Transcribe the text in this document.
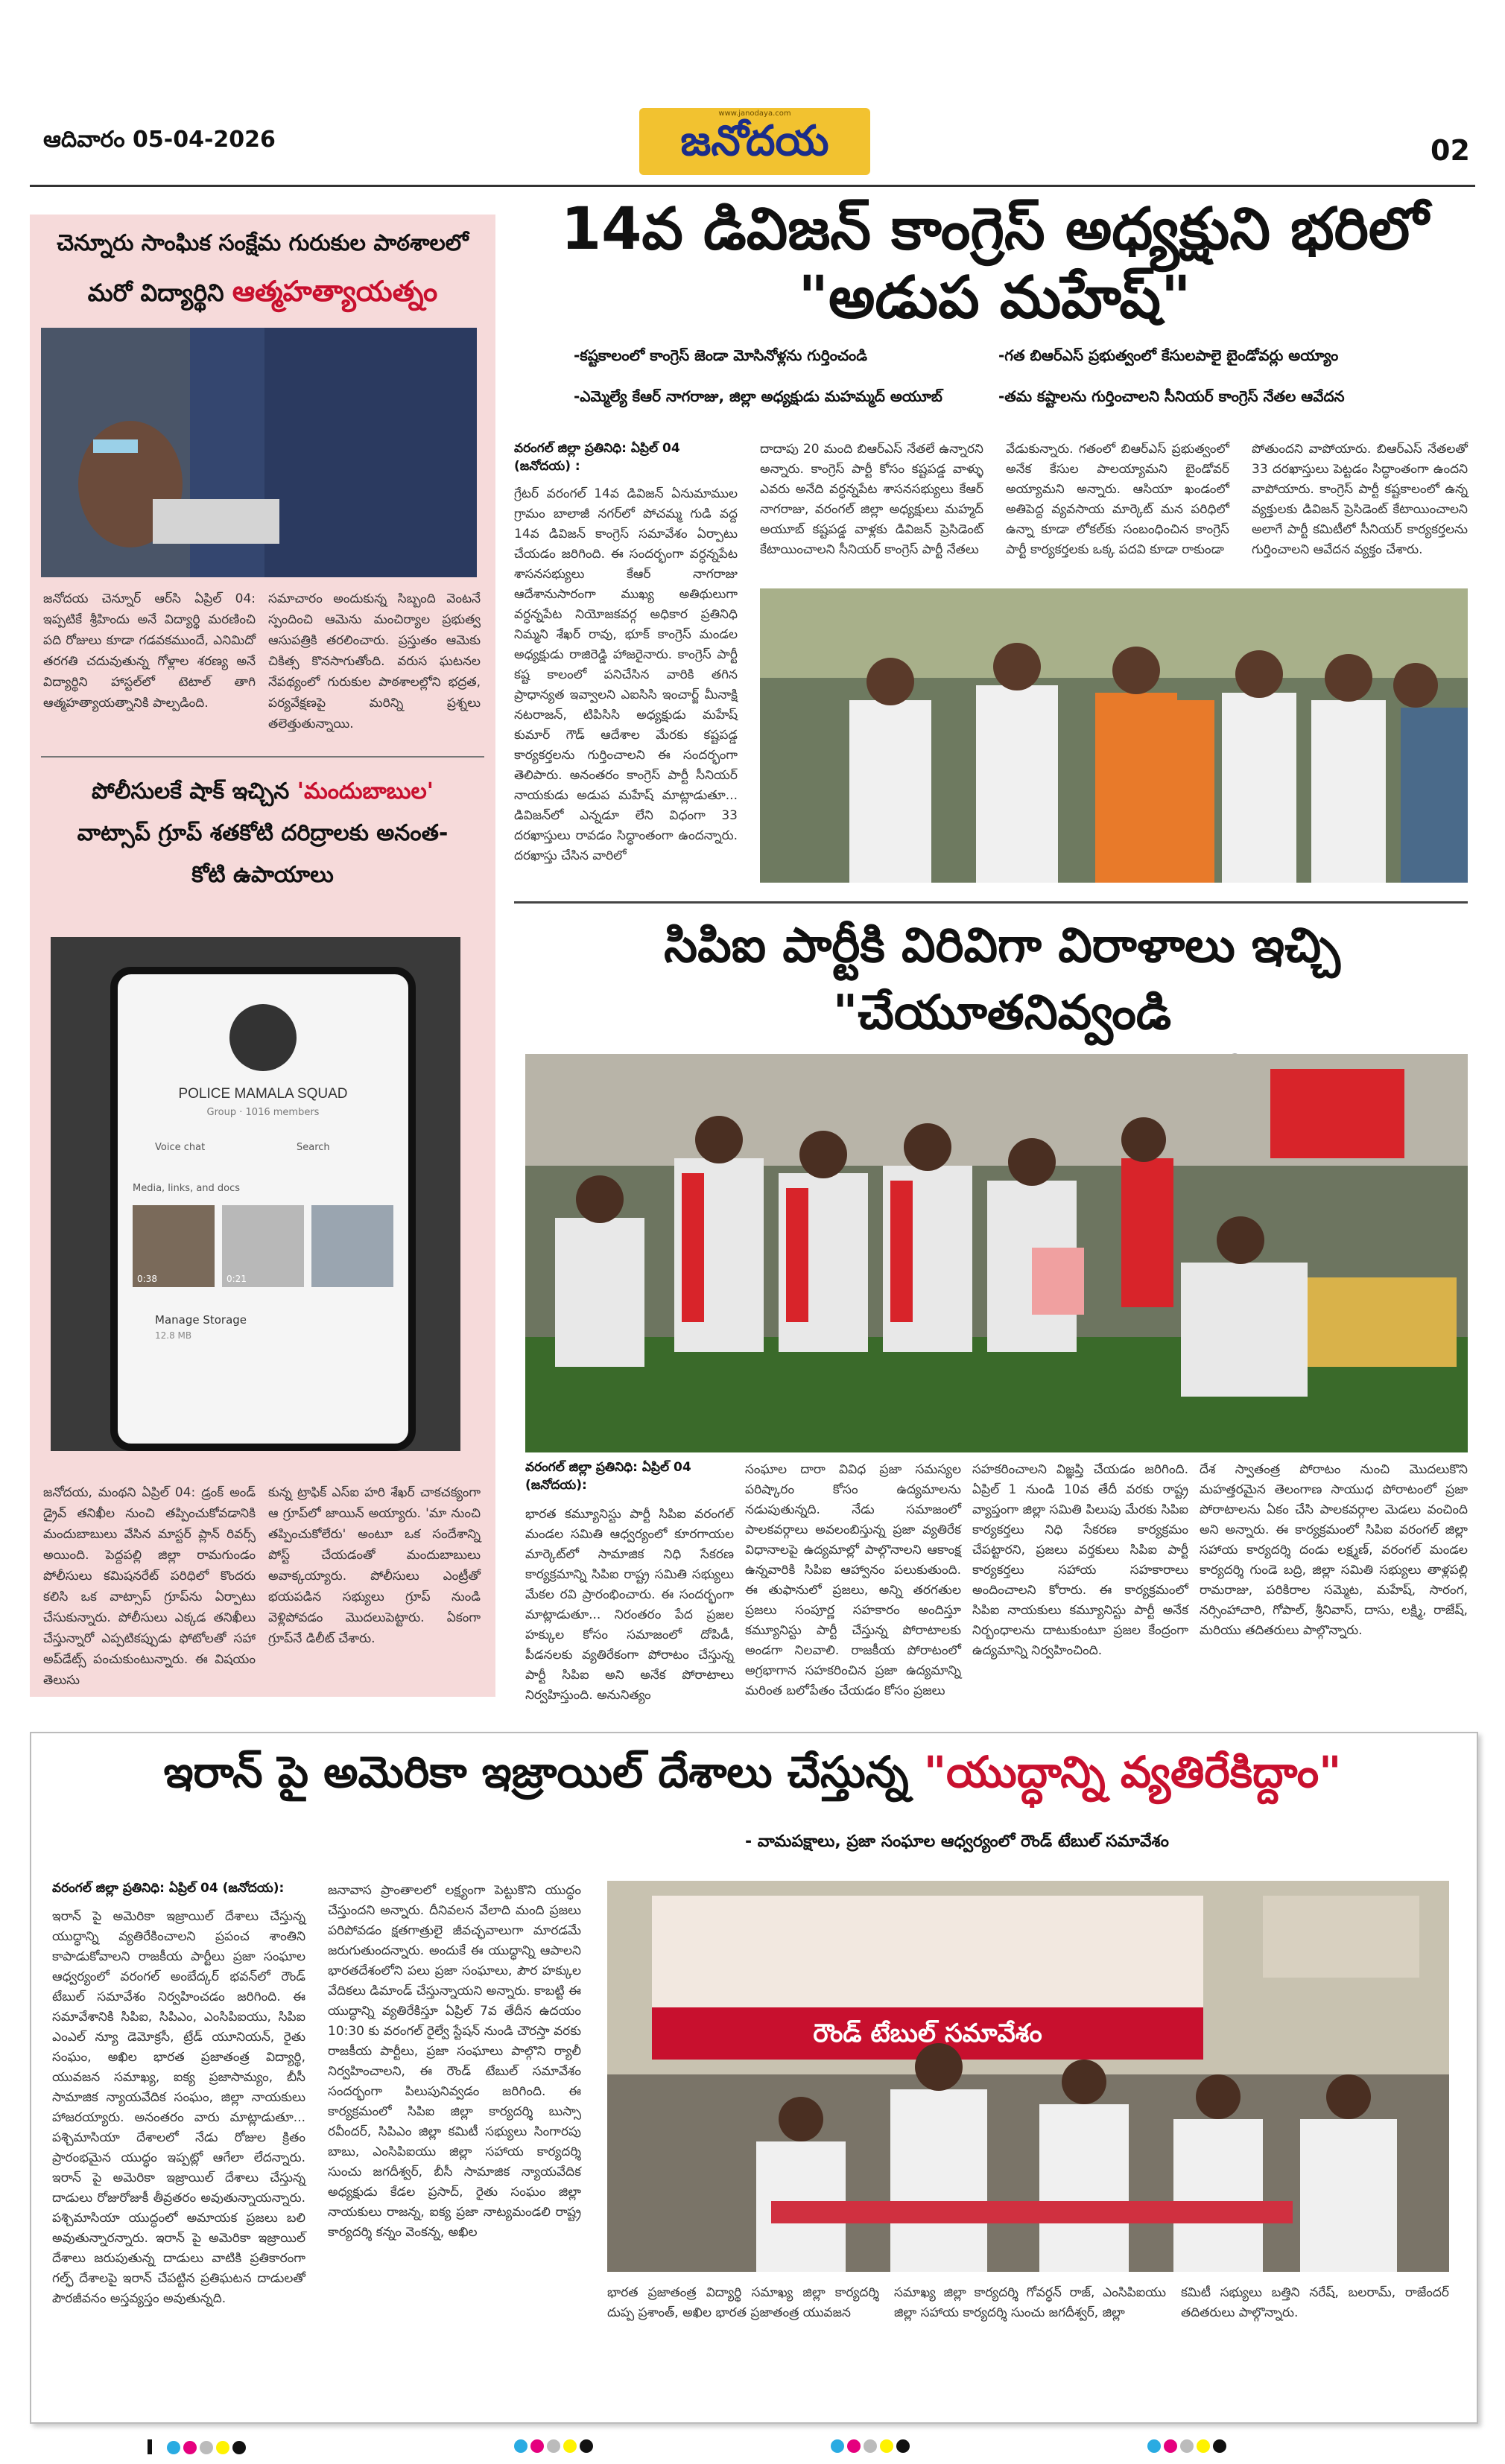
ఆదివారం 05-04-2026
www.janodaya.com
జనోదయ	02
చెన్నూరు సాంఘిక సంక్షేమ గురుకుల పాఠశాలలో
మరో విద్యార్థిని ఆత్మహత్యాయత్నం
జనోదయ చెన్నూర్ ఆర్‌సి ఏప్రిల్ 04: ఇప్పటికే శ్రీహిందు అనే విద్యార్థి మరణించి పది రోజులు కూడా గడవకముందే, ఎనిమిదో తరగతి చదువుతున్న గోళ్లాల శరణ్య అనే విద్యార్థిని హాస్టల్‌లో టెటాల్ తాగి ఆత్మహత్యాయత్నానికి పాల్పడింది.
సమాచారం అందుకున్న సిబ్బంది వెంటనే స్పందించి ఆమెను మంచిర్యాల ప్రభుత్వ ఆసుపత్రికి తరలించారు. ప్రస్తుతం ఆమెకు చికిత్స కొనసాగుతోంది. వరుస ఘటనల నేపథ్యంలో గురుకుల పాఠశాలల్లోని భద్రత, పర్యవేక్షణపై మరిన్ని ప్రశ్నలు తలెత్తుతున్నాయి.
పోలీసులకే షాక్ ఇచ్చిన 'మందుబాబుల'
వాట్సాప్ గ్రూప్ శతకోటి దరిద్రాలకు అనంత-
కోటి ఉపాయాలు
POLICE MAMALA SQUAD
Group · 1016 members
Voice chat	Search
Media, links, and docs
0:38	0:21
Manage Storage
12.8 MB
జనోదయ, మంథని ఏప్రిల్ 04: డ్రంక్ అండ్ డ్రైవ్ తనిఖీల నుంచి తప్పించుకోవడానికి మందుబాబులు వేసిన మాస్టర్ ప్లాన్ రివర్స్ అయింది. పెద్దపల్లి జిల్లా రామగుండం పోలీసులు కమిషనరేట్ పరిధిలో కొందరు కలిసి ఒక వాట్సాప్ గ్రూప్‌ను ఏర్పాటు చేసుకున్నారు. పోలీసులు ఎక్కడ తనిఖీలు చేస్తున్నారో ఎప్పటికప్పుడు ఫోటోలతో సహా అప్‌డేట్స్ పంచుకుంటున్నారు. ఈ విషయం తెలుసు
కున్న ట్రాఫిక్ ఎస్ఐ హరి శేఖర్ చాకచక్యంగా ఆ గ్రూప్‌లో జాయిన్ అయ్యారు. 'మా నుంచి తప్పించుకోలేరు' అంటూ ఒక సందేశాన్ని పోస్ట్ చేయడంతో మందుబాబులు అవాక్కయ్యారు. పోలీసులు ఎంట్రీతో భయపడిన సభ్యులు గ్రూప్ నుండి వెళ్లిపోవడం మొదలుపెట్టారు. ఏకంగా గ్రూప్‌నే డిలీట్ చేశారు.
14వ డివిజన్ కాంగ్రెస్ అధ్యక్షుని భరిలో
"అడుప మహేష్"
-కష్టకాలంలో కాంగ్రెస్ జెండా మోసినోళ్లను గుర్తించండి	-గత బిఆర్ఎస్ ప్రభుత్వంలో కేసులపాలై బైండోవర్లు అయ్యాం
-ఎమ్మెల్యే కేఆర్ నాగరాజు, జిల్లా అధ్యక్షుడు మహమ్మద్ అయూబ్	-తమ కష్టాలను గుర్తించాలని సీనియర్ కాంగ్రెస్ నేతల ఆవేదన
వరంగల్ జిల్లా ప్రతినిధి: ఏప్రిల్ 04 (జనోదయ) :
గ్రేటర్ వరంగల్ 14వ డివిజన్ ఏనుమాముల గ్రామం బాలాజీ నగర్‌లో పోచమ్మ గుడి వద్ద 14వ డివిజన్ కాంగ్రెస్ సమావేశం ఏర్పాటు చేయడం జరిగింది. ఈ సందర్భంగా వర్ధన్నపేట శాసనసభ్యులు కేఆర్ నాగరాజు ఆదేశానుసారంగా ముఖ్య అతిథులుగా వర్ధన్నపేట నియోజకవర్గ అధికార ప్రతినిధి నిమ్మని శేఖర్ రావు, భూక్ కాంగ్రెస్ మండల అధ్యక్షుడు రాజిరెడ్డి హాజరైనారు. కాంగ్రెస్ పార్టీ కష్ట కాలంలో పనిచేసిన వారికి తగిన ప్రాధాన్యత ఇవ్వాలని ఎఐసిసి ఇంచార్జ్ మీనాక్షి నటరాజన్, టిపిసిసి అధ్యక్షుడు మహేష్ కుమార్ గౌడ్ ఆదేశాల మేరకు కష్టపడ్డ కార్యకర్తలను గుర్తించాలని ఈ సందర్భంగా తెలిపారు. అనంతరం కాంగ్రెస్ పార్టీ సీనియర్ నాయకుడు అడుప మహేష్ మాట్లాడుతూ... డివిజన్‌లో ఎన్నడూ లేని విధంగా 33 దరఖాస్తులు రావడం సిద్ధాంతంగా ఉందన్నారు. దరఖాస్తు చేసిన వారిలో
దాదాపు 20 మంది బిఆర్ఎస్ నేతలే ఉన్నారని అన్నారు. కాంగ్రెస్ పార్టీ కోసం కష్టపడ్డ వాళ్ళు ఎవరు అనేది వర్ధన్నపేట శాసనసభ్యులు కేఆర్ నాగరాజు, వరంగల్ జిల్లా అధ్యక్షులు మహ్మద్ అయూబ్ కష్టపడ్డ వాళ్లకు డివిజన్ ప్రెసిడెంట్ కేటాయించాలని సీనియర్ కాంగ్రెస్ పార్టీ నేతలు
వేడుకున్నారు. గతంలో బిఆర్ఎస్ ప్రభుత్వంలో అనేక కేసుల పాలయ్యామని బైండోవర్ అయ్యామని అన్నారు. ఆసియా ఖండంలో అతిపెద్ద వ్యవసాయ మార్కెట్ మన పరిధిలో ఉన్నా కూడా లోకల్‌కు సంబంధించిన కాంగ్రెస్ పార్టీ కార్యకర్తలకు ఒక్క పదవి కూడా రాకుండా
పోతుందని వాపోయారు. బిఆర్ఎస్ నేతలతో 33 దరఖాస్తులు పెట్టడం సిద్ధాంతంగా ఉందని వాపోయారు. కాంగ్రెస్ పార్టీ కష్టకాలంలో ఉన్న వ్యక్తులకు డివిజన్ ప్రెసిడెంట్ కేటాయించాలని అలాగే పార్టీ కమిటీలో సీనియర్ కార్యకర్తలను గుర్తించాలని ఆవేదన వ్యక్తం చేశారు.
సిపిఐ పార్టీకి విరివిగా విరాళాలు ఇచ్చి "చేయూతనివ్వండి
వరంగల్ జిల్లా ప్రతినిధి: ఏప్రిల్ 04 (జనోదయ):
భారత కమ్యూనిస్టు పార్టీ సిపిఐ వరంగల్ మండల సమితి ఆధ్వర్యంలో కూరగాయల మార్కెట్‌లో సామాజిక నిధి సేకరణ కార్యక్రమాన్ని సిపిఐ రాష్ట్ర సమితి సభ్యులు మేకల రవి ప్రారంభించారు. ఈ సందర్భంగా మాట్లాడుతూ... నిరంతరం పేద ప్రజల హక్కుల కోసం సమాజంలో దోపిడీ, పీడనలకు వ్యతిరేకంగా పోరాటం చేస్తున్న పార్టీ సిపిఐ అని అనేక పోరాటాలు నిర్వహిస్తుంది. అనునిత్యం
సంఘాల దారా వివిధ ప్రజా సమస్యల పరిష్కారం కోసం ఉద్యమాలను నడుపుతున్నది. నేడు సమాజంలో పాలకవర్గాలు అవలంబిస్తున్న ప్రజా వ్యతిరేక విధానాలపై ఉద్యమాల్లో పాల్గొనాలని ఆకాంక్ష ఉన్నవారికి సిపిఐ ఆహ్వానం పలుకుతుంది. ఈ తుఫానులో ప్రజలు, అన్ని తరగతుల ప్రజలు సంపూర్ణ సహకారం అందిస్తూ కమ్యూనిస్టు పార్టీ చేస్తున్న పోరాటాలకు అండగా నిలవాలి. రాజకీయ పోరాటంలో అగ్రభాగాన సహకరించిన ప్రజా ఉద్యమాన్ని మరింత బలోపేతం చేయడం కోసం ప్రజలు
సహకరించాలని విజ్ఞప్తి చేయడం జరిగింది. ఏప్రిల్ 1 నుండి 10వ తేదీ వరకు రాష్ట్ర వ్యాప్తంగా జిల్లా సమితి పిలుపు మేరకు సిపిఐ కార్యకర్తలు నిధి సేకరణ కార్యక్రమం చేపట్టారని, ప్రజలు వర్తకులు సిపిఐ పార్టీ కార్యకర్తలు సహాయ సహకారాలు అందించాలని కోరారు. ఈ కార్యక్రమంలో సిపిఐ నాయకులు కమ్యూనిస్టు పార్టీ అనేక నిర్బంధాలను దాటుకుంటూ ప్రజల కేంద్రంగా ఉద్యమాన్ని నిర్వహించింది.
దేశ స్వాతంత్ర పోరాటం నుంచి మొదలుకొని మహత్తరమైన తెలంగాణ సాయుధ పోరాటంలో ప్రజా పోరాటాలను ఏకం చేసి పాలకవర్గాల మెడలు వంచింది అని అన్నారు. ఈ కార్యక్రమంలో సిపిఐ వరంగల్ జిల్లా సహాయ కార్యదర్శి దండు లక్ష్మణ్, వరంగల్ మండల కార్యదర్శి గుండె బద్రి, జిల్లా సమితి సభ్యులు తాళ్లపల్లి రామరాజు, పరికిరాల సమ్మెట, మహేష్, సారంగ, నర్సింహాచారి, గోపాల్, శ్రీనివాస్, దాసు, లక్ష్మి, రాజేష్, మరియు తదితరులు పాల్గొన్నారు.
ఇరాన్ పై అమెరికా ఇజ్రాయిల్ దేశాలు చేస్తున్న "యుద్ధాన్ని వ్యతిరేకిద్దాం"
- వామపక్షాలు, ప్రజా సంఘాల ఆధ్వర్యంలో రౌండ్ టేబుల్ సమావేశం
వరంగల్ జిల్లా ప్రతినిధి: ఏప్రిల్ 04 (జనోదయ):
ఇరాన్ పై అమెరికా ఇజ్రాయిల్ దేశాలు చేస్తున్న యుద్ధాన్ని వ్యతిరేకించాలని ప్రపంచ శాంతిని కాపాడుకోవాలని రాజకీయ పార్టీలు ప్రజా సంఘాల ఆధ్వర్యంలో వరంగల్ అంబేద్కర్ భవన్‌లో రౌండ్ టేబుల్ సమావేశం నిర్వహించడం జరిగింది. ఈ సమావేశానికి సిపిఐ, సిపిఎం, ఎంసిపిఐయు, సిపిఐ ఎంఎల్ న్యూ డెమోక్రసీ, ట్రేడ్ యూనియన్, రైతు సంఘం, అఖిల భారత ప్రజాతంత్ర విద్యార్థి, యువజన సమాఖ్య, ఐక్య ప్రజాసామ్యం, బీసీ సామాజిక న్యాయవేదిక సంఘం, జిల్లా నాయకులు హాజరయ్యారు. అనంతరం వారు మాట్లాడుతూ... పశ్చిమాసియా దేశాలలో నేడు రోజుల క్రితం ప్రారంభమైన యుద్ధం ఇప్పట్లో ఆగేలా లేదన్నారు. ఇరాన్ పై అమెరికా ఇజ్రాయిల్ దేశాలు చేస్తున్న దాడులు రోజురోజుకీ తీవ్రతరం అవుతున్నాయన్నారు. పశ్చిమాసియా యుద్ధంలో అమాయక ప్రజలు బలి అవుతున్నారన్నారు. ఇరాన్ పై అమెరికా ఇజ్రాయిల్ దేశాలు జరుపుతున్న దాడులు వాటికి ప్రతికారంగా గల్ఫ్ దేశాలపై ఇరాన్ చేపట్టిన ప్రతిఘటన దాడులతో పౌరజీవనం అస్తవ్యస్తం అవుతున్నది.
జనావాస ప్రాంతాలలో లక్ష్యంగా పెట్టుకొని యుద్ధం చేస్తుందని అన్నారు. దీనివలన వేలాది మంది ప్రజలు పరిపోవడం క్షతగాత్రులై జీవచ్ఛవాలుగా మారడమే జరుగుతుందన్నారు. అందుకే ఈ యుద్ధాన్ని ఆపాలని భారతదేశంలోని పలు ప్రజా సంఘాలు, పౌర హక్కుల వేదికలు డిమాండ్ చేస్తున్నాయని అన్నారు. కాబట్టి ఈ యుద్ధాన్ని వ్యతిరేకిస్తూ ఏప్రిల్ 7వ తేదీన ఉదయం 10:30 కు వరంగల్ రైల్వే స్టేషన్ నుండి చౌరస్తా వరకు రాజకీయ పార్టీలు, ప్రజా సంఘాలు పాల్గొని ర్యాలీ నిర్వహించాలని, ఈ రౌండ్ టేబుల్ సమావేశం సందర్భంగా పిలుపునివ్వడం జరిగింది. ఈ కార్యక్రమంలో సిపిఐ జిల్లా కార్యదర్శి బుస్సా రవీందర్, సిపిఎం జిల్లా కమిటీ సభ్యులు సింగారపు బాబు, ఎంసిపిఐయు జిల్లా సహాయ కార్యదర్శి సుంచు జగదీశ్వర్, బీసీ సామాజిక న్యాయవేదిక అధ్యక్షుడు కేడల ప్రసాద్, రైతు సంఘం జిల్లా నాయకులు రాజన్న, ఐక్య ప్రజా నాట్యమండలి రాష్ట్ర కార్యదర్శి కన్నం వెంకన్న, అఖిల
రౌండ్ టేబుల్ సమావేశం
భారత ప్రజాతంత్ర విద్యార్థి సమాఖ్య జిల్లా కార్యదర్శి దుప్ప ప్రశాంత్, అఖిల భారత ప్రజాతంత్ర యువజన
సమాఖ్య జిల్లా కార్యదర్శి గోవర్ధన్ రాజ్, ఎంసిపిఐయు జిల్లా సహాయ కార్యదర్శి సుంచు జగదీశ్వర్, జిల్లా
కమిటీ సభ్యులు బత్తిని నరేష్, బలరామ్, రాజేందర్ తదితరులు పాల్గొన్నారు.
